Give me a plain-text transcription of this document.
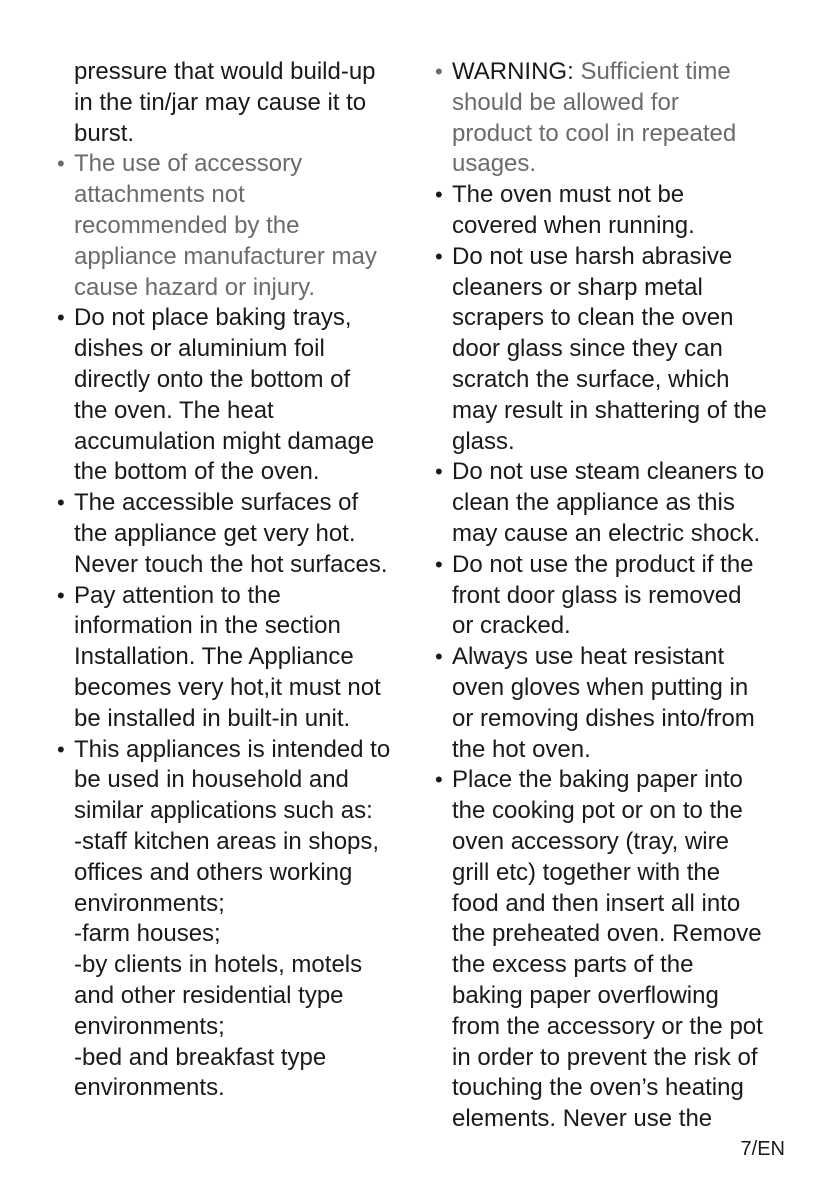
pressure that would build-up
in the tin/jar may cause it to
burst.
• The use of accessory
attachments not
recommended by the
appliance manufacturer may
cause hazard or injury.
• Do not place baking trays,
dishes or aluminium foil
directly onto the bottom of
the oven. The heat
accumulation might damage
the bottom of the oven.
• The accessible surfaces of
the appliance get very hot.
Never touch the hot surfaces.
• Pay attention to the
information in the section
Installation. The Appliance
becomes very hot,it must not
be installed in built-in unit.
• This appliances is intended to
be used in household and
similar applications such as:
-staff kitchen areas in shops,
offices and others working
environments;
-farm houses;
-by clients in hotels, motels
and other residential type
environments;
-bed and breakfast type
environments.
• WARNING: Sufficient time
should be allowed for
product to cool in repeated
usages.
• The oven must not be
covered when running.
• Do not use harsh abrasive
cleaners or sharp metal
scrapers to clean the oven
door glass since they can
scratch the surface, which
may result in shattering of the
glass.
• Do not use steam cleaners to
clean the appliance as this
may cause an electric shock.
• Do not use the product if the
front door glass is removed
or cracked.
• Always use heat resistant
oven gloves when putting in
or removing dishes into/from
the hot oven.
• Place the baking paper into
the cooking pot or on to the
oven accessory (tray, wire
grill etc) together with the
food and then insert all into
the preheated oven. Remove
the excess parts of the
baking paper overflowing
from the accessory or the pot
in order to prevent the risk of
touching the oven’s heating
elements. Never use the
7/EN
